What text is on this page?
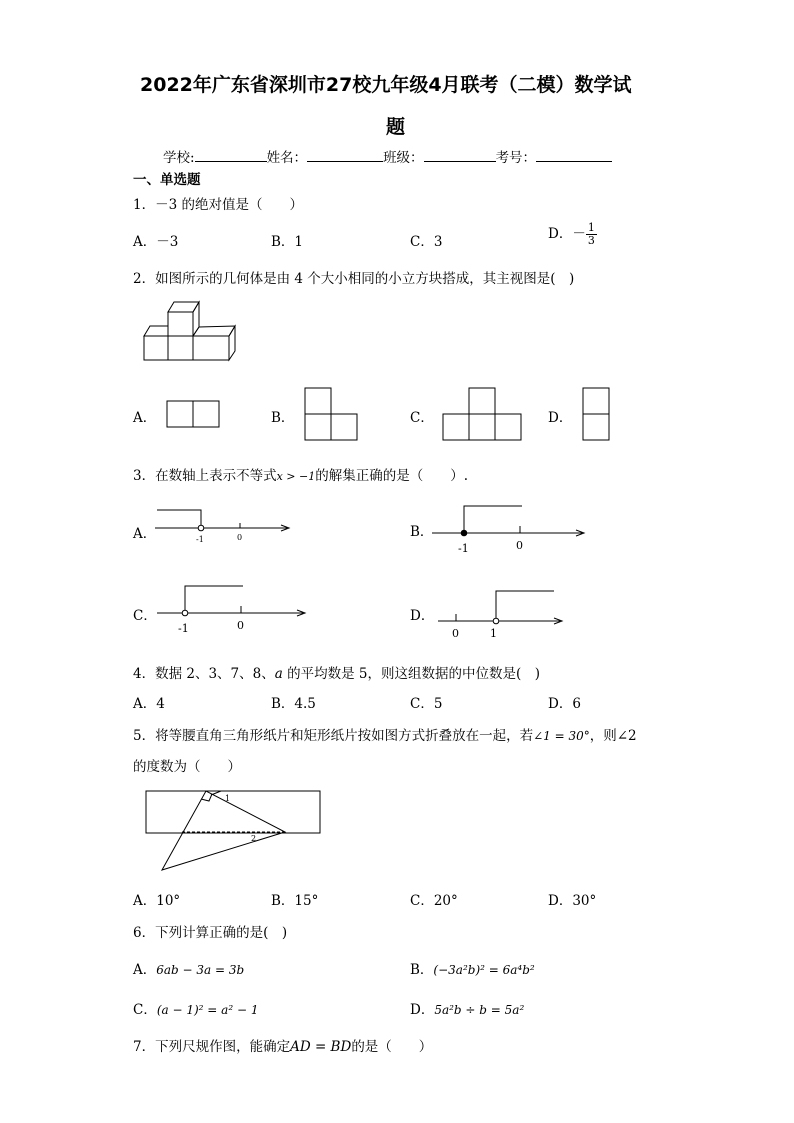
2022年广东省深圳市27校九年级4月联考（二模）数学试
题
学校:	姓名：	班级：	考号：
一、单选题
1．－3 的绝对值是（　　）
A．－3	B．1	C．3	D．－ $\frac{1}{3}$
2．如图所示的几何体是由 4 个大小相同的小立方块搭成，其主视图是(　)
A．	B．	C．	D．
3．在数轴上表示不等式x > −1的解集正确的是（　　）.
A．	-1	0	B．
-1	0
C．
-1	0
D．
0	1
4．数据 2、3、7、8、a 的平均数是 5，则这组数据的中位数是(　)
A．4	B．4.5	C．5	D．6
5．将等腰直角三角形纸片和矩形纸片按如图方式折叠放在一起，若∠1 = 30°，则∠2
的度数为（　　）
1
2
A．10°	B．15°	C．20°	D．30°
6．下列计算正确的是(　)
A．6ab − 3a = 3b	B．(−3a²b)² = 6a⁴b²
C．(a − 1)² = a² − 1	D．5a²b ÷ b = 5a²
7．下列尺规作图，能确定AD = BD的是（　　）
